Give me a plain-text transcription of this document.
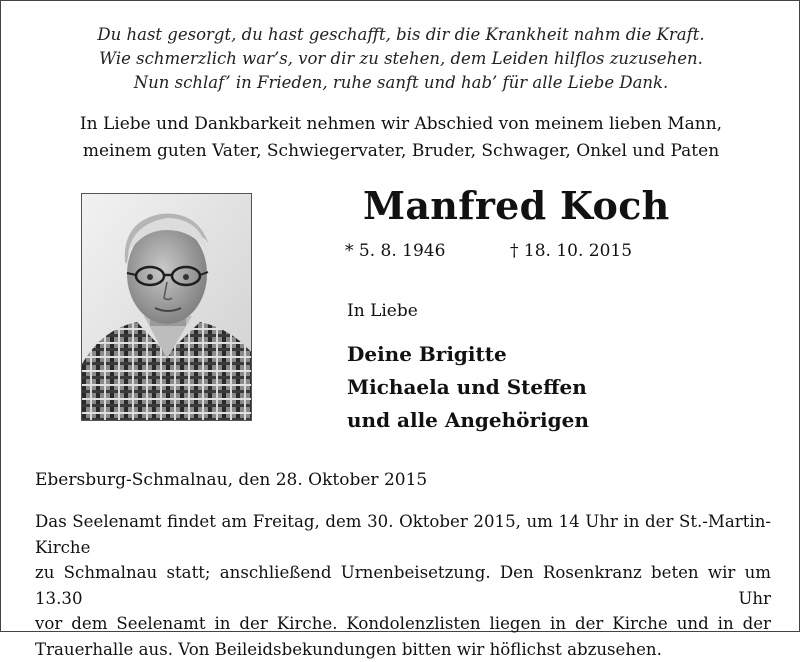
Du hast gesorgt, du hast geschafft, bis dir die Krankheit nahm die Kraft.
Wie schmerzlich war’s, vor dir zu stehen, dem Leiden hilflos zuzusehen.
Nun schlaf’ in Frieden, ruhe sanft und hab’ für alle Liebe Dank.
In Liebe und Dankbarkeit nehmen wir Abschied von meinem lieben Mann,
meinem guten Vater, Schwiegervater, Bruder, Schwager, Onkel und Paten
Manfred Koch
* 5. 8. 1946	† 18. 10. 2015
In Liebe
Deine Brigitte
Michaela und Steffen
und alle Angehörigen
Ebersburg-Schmalnau, den 28. Oktober 2015
Das Seelenamt findet am Freitag, dem 30. Oktober 2015, um 14 Uhr in der St.-Martin-Kirche
zu Schmalnau statt; anschließend Urnenbeisetzung. Den Rosenkranz beten wir um 13.30 Uhr
vor dem Seelenamt in der Kirche. Kondolenzlisten liegen in der Kirche und in der
Trauerhalle aus. Von Beileidsbekundungen bitten wir höflichst abzusehen.
